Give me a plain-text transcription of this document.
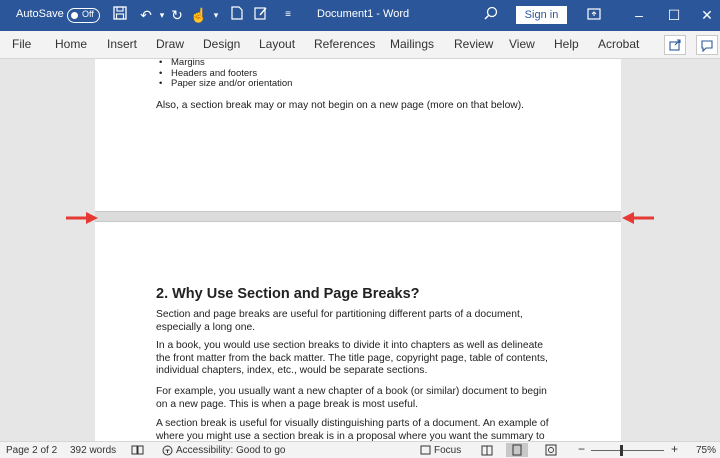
AutoSave Off	↶ ▾ ↻ ☝ ▾	≡	Document1 - Word	Sign in	–	☐ ✕
File Home Insert Draw Design Layout References Mailings Review View Help Acrobat
• Margins
• Headers and footers
• Paper size and/or orientation

Also, a section break may or may not begin on a new page (more on that below).

2. Why Use Section and Page Breaks?

Section and page breaks are useful for partitioning different parts of a document, especially a long one.

In a book, you would use section breaks to divide it into chapters as well as delineate the front matter from the back matter. The title page, copyright page, table of contents, individual chapters, index, etc., would be separate sections.

For example, you usually want a new chapter of a book (or similar) document to begin on a new page. This is when a page break is most useful.

A section break is useful for visually distinguishing parts of a document. An example of where you might use a section break is in a proposal where you want the summary to

Page 2 of 2 392 words	Accessibility: Good to go	Focus	−	+ 75%
